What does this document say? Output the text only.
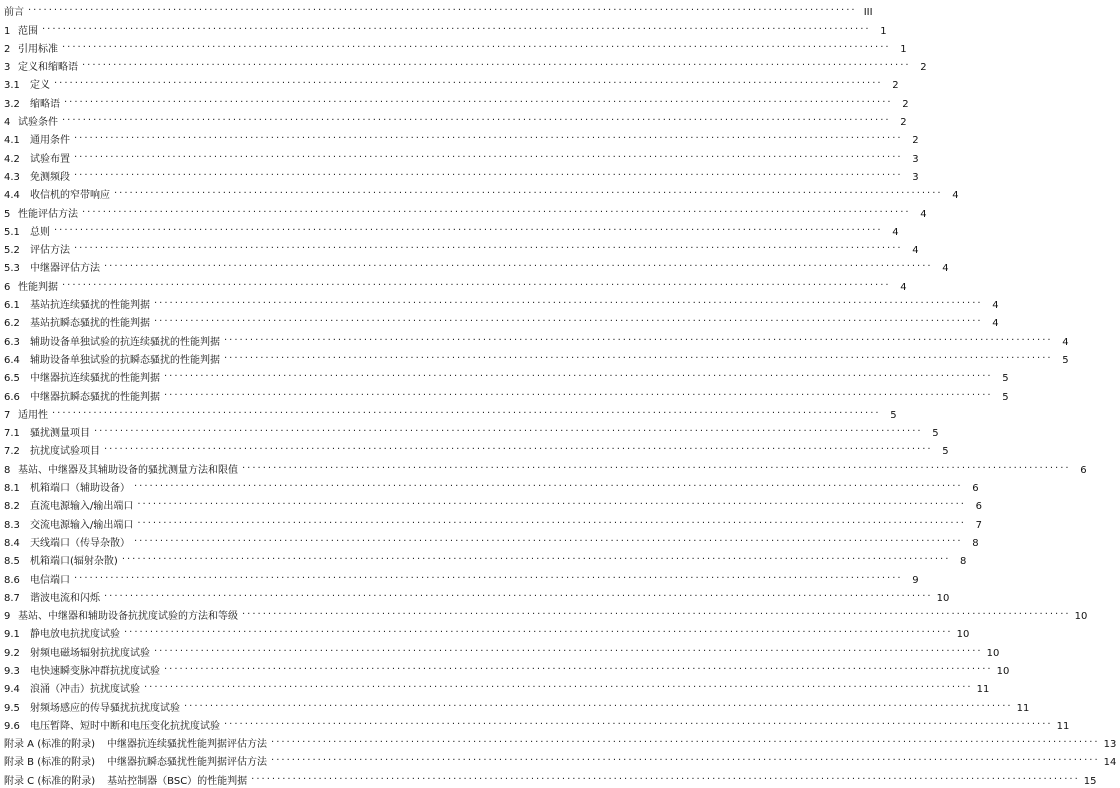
前言 ································································································································································ III
1 范围 ································································································································································ 1
2 引用标准 ································································································································································ 1
3 定义和缩略语 ································································································································································ 2
3.1	定义 ································································································································································ 2
3.2	缩略语 ································································································································································ 2
4 试验条件 ································································································································································ 2
4.1	通用条件 ································································································································································ 2
4.2	试验布置 ································································································································································ 3
4.3	免测频段 ································································································································································ 3
4.4	收信机的窄带响应 ································································································································································ 4
5 性能评估方法 ································································································································································ 4
5.1	总则 ································································································································································ 4
5.2	评估方法 ································································································································································ 4
5.3	中继器评估方法 ································································································································································ 4
6 性能判据 ································································································································································ 4
6.1	基站抗连续骚扰的性能判据 ································································································································································ 4
6.2	基站抗瞬态骚扰的性能判据 ································································································································································ 4
6.3	辅助设备单独试验的抗连续骚扰的性能判据 ································································································································································ 4
6.4	辅助设备单独试验的抗瞬态骚扰的性能判据 ································································································································································ 5
6.5	中继器抗连续骚扰的性能判据 ································································································································································ 5
6.6	中继器抗瞬态骚扰的性能判据 ································································································································································ 5
7 适用性 ································································································································································ 5
7.1	骚扰测量项目 ································································································································································ 5
7.2	抗扰度试验项目 ································································································································································ 5
8 基站、中继器及其辅助设备的骚扰测量方法和限值 ································································································································································ 6
8.1	机箱端口（辅助设备） ································································································································································ 6
8.2	直流电源输入/输出端口 ································································································································································ 6
8.3	交流电源输入/输出端口 ································································································································································ 7
8.4	天线端口（传导杂散） ································································································································································ 8
8.5	机箱端口(辐射杂散) ································································································································································ 8
8.6	电信端口 ································································································································································ 9
8.7	谐波电流和闪烁 ································································································································································ 10
9 基站、中继器和辅助设备抗扰度试验的方法和等级 ································································································································································ 10
9.1	静电放电抗扰度试验 ································································································································································ 10
9.2	射频电磁场辐射抗扰度试验 ································································································································································ 10
9.3	电快速瞬变脉冲群抗扰度试验 ································································································································································ 10
9.4	浪涌（冲击）抗扰度试验 ································································································································································ 11
9.5	射频场感应的传导骚扰抗扰度试验 ································································································································································ 11
9.6	电压暂降、短时中断和电压变化抗扰度试验 ································································································································································ 11
附录 A (标准的附录) 中继器抗连续骚扰性能判据评估方法 ································································································································································ 13
附录 B (标准的附录) 中继器抗瞬态骚扰性能判据评估方法 ································································································································································ 14
附录 C (标准的附录) 基站控制器（BSC）的性能判据 ································································································································································ 15
